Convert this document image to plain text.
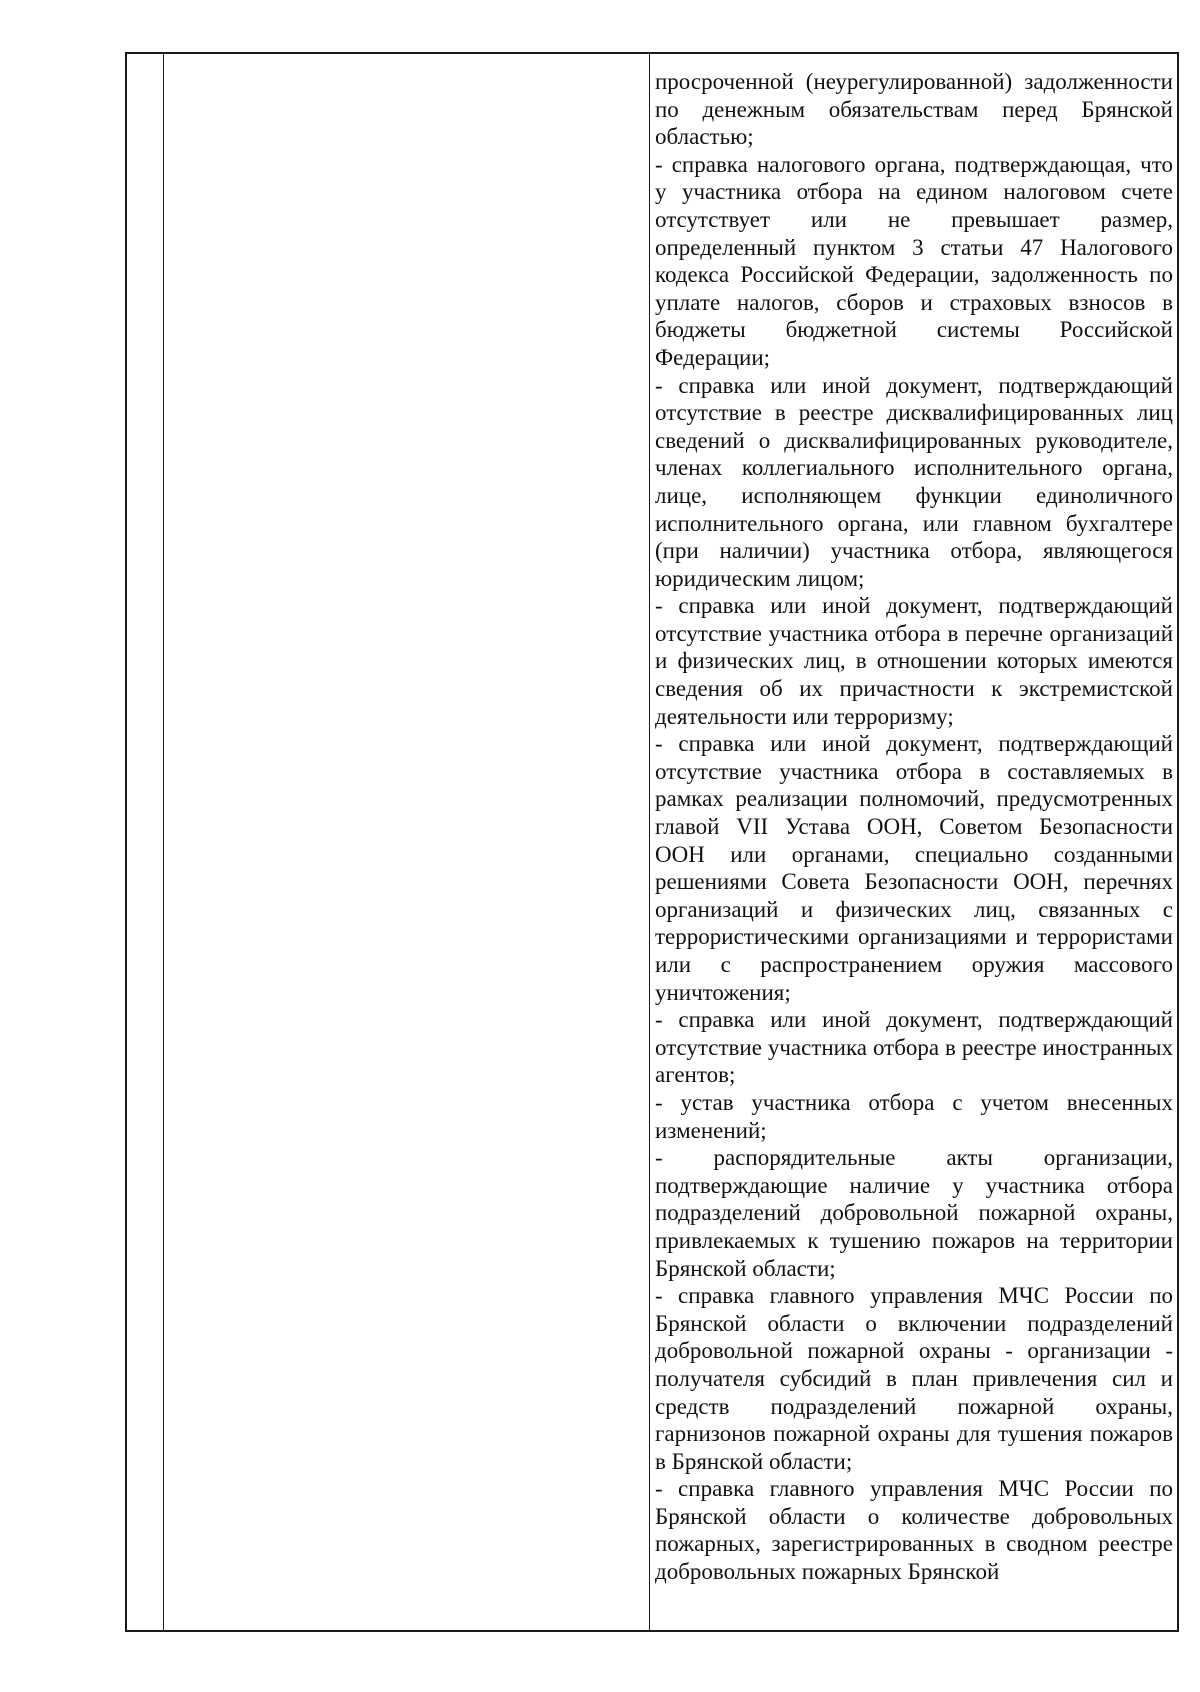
просроченной (неурегулированной) задолженности по денежным обязательствам перед Брянской областью;

- справка налогового органа, подтверждающая, что у участника отбора на едином налоговом счете отсутствует или не превышает размер, определенный пунктом 3 статьи 47 Налогового кодекса Российской Федерации, задолженность по уплате налогов, сборов и страховых взносов в бюджеты бюджетной системы Российской Федерации;

- справка или иной документ, подтверждающий отсутствие в реестре дисквалифицированных лиц сведений о дисквалифицированных руководителе, членах коллегиального исполнительного органа, лице, исполняющем функции единоличного исполнительного органа, или главном бухгалтере (при наличии) участника отбора, являющегося юридическим лицом;

- справка или иной документ, подтверждающий отсутствие участника отбора в перечне организаций и физических лиц, в отношении которых имеются сведения об их причастности к экстремистской деятельности или терроризму;

- справка или иной документ, подтверждающий отсутствие участника отбора в составляемых в рамках реализации полномочий, предусмотренных главой VII Устава ООН, Советом Безопасности ООН или органами, специально созданными решениями Совета Безопасности ООН, перечнях организаций и физических лиц, связанных с террористическими организациями и террористами или с распространением оружия массового уничтожения;

- справка или иной документ, подтверждающий отсутствие участника отбора в реестре иностранных агентов;

- устав участника отбора с учетом внесенных изменений;

- распорядительные акты организации, подтверждающие наличие у участника отбора подразделений добровольной пожарной охраны, привлекаемых к тушению пожаров на территории Брянской области;

- справка главного управления МЧС России по Брянской области о включении подразделений добровольной пожарной охраны - организации - получателя субсидий в план привлечения сил и средств подразделений пожарной охраны, гарнизонов пожарной охраны для тушения пожаров в Брянской области;

- справка главного управления МЧС России по Брянской области о количестве добровольных пожарных, зарегистрированных в сводном реестре добровольных пожарных Брянской
